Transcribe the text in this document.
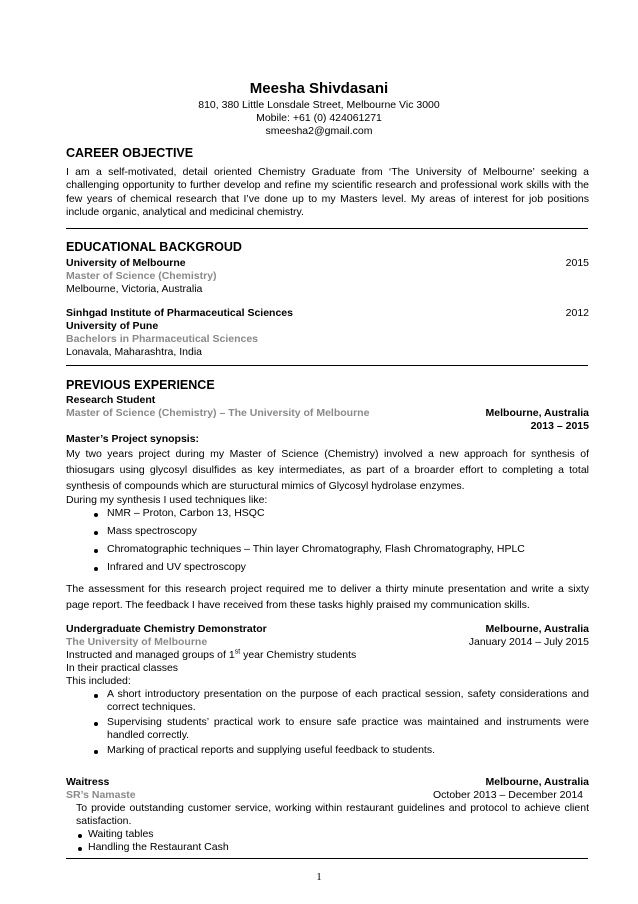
Meesha Shivdasani
810, 380 Little Lonsdale Street, Melbourne Vic 3000
Mobile: +61 (0) 424061271
smeesha2@gmail.com
CAREER OBJECTIVE
I am a self-motivated, detail oriented Chemistry Graduate from ‘The University of Melbourne’ seeking a challenging opportunity to further develop and refine my scientific research and professional work skills with the few years of chemical research that I’ve done up to my Masters level. My areas of interest for job positions include organic, analytical and medicinal chemistry.
EDUCATIONAL BACKGROUD
University of Melbourne	2015
Master of Science (Chemistry)
Melbourne, Victoria, Australia
Sinhgad Institute of Pharmaceutical Sciences	2012
University of Pune
Bachelors in Pharmaceutical Sciences
Lonavala, Maharashtra, India
PREVIOUS EXPERIENCE
Research Student
Master of Science (Chemistry) – The University of Melbourne	Melbourne, Australia
2013 – 2015
Master’s Project synopsis:
My two years project during my Master of Science (Chemistry) involved a new approach for synthesis of thiosugars using glycosyl disulfides as key intermediates, as part of a broarder effort to completing a total synthesis of compounds which are stuructural mimics of Glycosyl hydrolase enzymes.
During my synthesis I used techniques like:
NMR – Proton, Carbon 13, HSQC
Mass spectroscopy
Chromatographic techniques – Thin layer Chromatography, Flash Chromatography, HPLC
Infrared and UV spectroscopy
The assessment for this research project required me to deliver a thirty minute presentation and write a sixty page report. The feedback I have received from these tasks highly praised my communication skills.
Undergraduate Chemistry Demonstrator	Melbourne, Australia
The University of Melbourne	January 2014 – July 2015
Instructed and managed groups of 1st year Chemistry students
In their practical classes
This included:
A short introductory presentation on the purpose of each practical session, safety considerations and correct techniques.
Supervising students’ practical work to ensure safe practice was maintained and instruments were handled correctly.
Marking of practical reports and supplying useful feedback to students.
Waitress	Melbourne, Australia
SR’s Namaste	October 2013 – December 2014
To provide outstanding customer service, working within restaurant guidelines and protocol to achieve client satisfaction.
Waiting tables
Handling the Restaurant Cash
1
